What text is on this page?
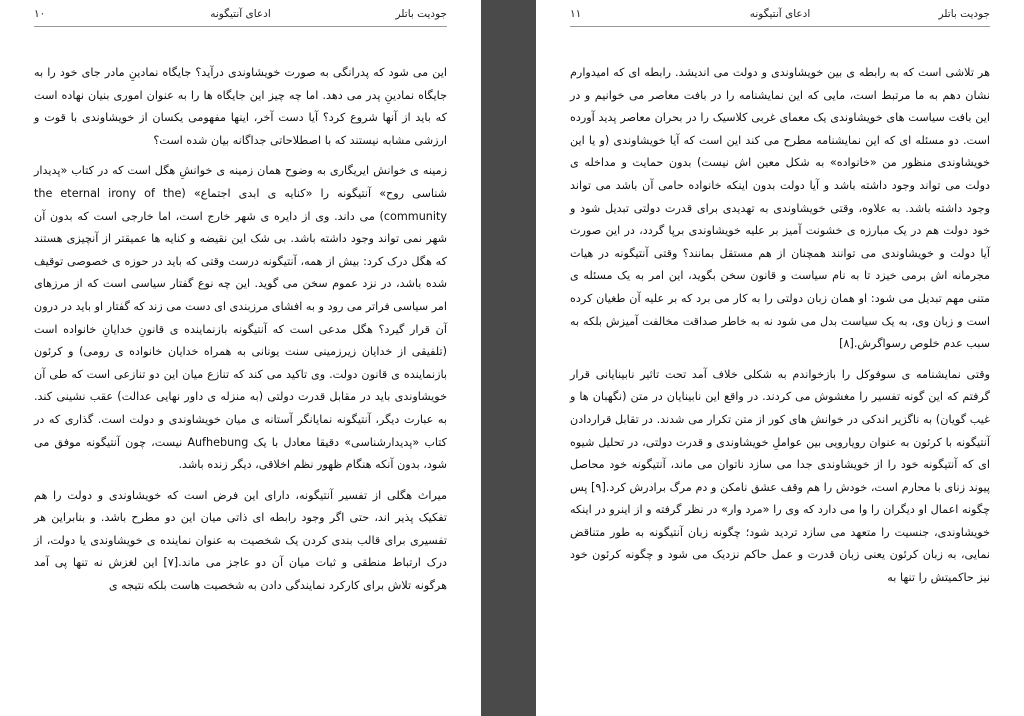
۱۰	ادعای آنتیگونه	جودیت باتلر

این می شود که پدرانگی به صورت خویشاوندی درآید؟ جایگاه نمادینِ مادر جای خود را به جایگاه نمادینِ پدر می دهد. اما چه چیز این جایگاه ها را به عنوان اموری بنیان نهاده است که باید از آنها شروع کرد؟ آیا دست آخر، اینها مفهومی یکسان از خویشاوندی با قوت و ارزشی مشابه نیستند که با اصطلاحاتی جداگانه بیان شده است؟

زمینه ی خوانش ایریگاری به وضوح همان زمینه ی خوانشِ هگل است که در کتاب «پدیدار شناسی روح» آنتیگونه را «کنایه ی ابدی اجتماع» (the eternal irony of the community) می داند. وی از دایره ی شهر خارج است، اما خارجی است که بدون آن شهر نمی تواند وجود داشته باشد. بی شک این نقیضه و کنایه ها عمیقتر از آنچیزی هستند که هگل درک کرد: بیش از همه، آنتیگونه درست وقتی که باید در حوزه ی خصوصی توقیف شده باشد، در نزد عموم سخن می گوید. این چه نوع گفتار سیاسی است که از مرزهای امر سیاسی فراتر می رود و به افشای مرزبندی ای دست می زند که گفتار او باید در درون آن قرار گیرد؟ هگل مدعی است که آنتیگونه بازنماینده ی قانونِ خدایانِ خانواده است (تلفیقی از خدایان زیرزمینی سنت یونانی به همراه خدایان خانواده ی رومی) و کرئون بازنماینده ی قانون دولت. وی تاکید می کند که تنازع میان این دو تنازعی است که طی آن خویشاوندی باید در مقابل قدرت دولتی (به منزله ی داور نهایی عدالت) عقب نشینی کند. به عبارت دیگر، آنتیگونه نمایانگر آستانه ی میان خویشاوندی و دولت است. گذاری که در کتاب «پدیدارشناسی» دقیقا معادل با یک Aufhebung نیست، چون آنتیگونه موفق می شود، بدون آنکه هنگام ظهور نظم اخلاقی، دیگر زنده باشد.

میراث هگلی از تفسیر آنتیگونه، دارای این فرض است که خویشاوندی و دولت را هم تفکیک پذیر اند، حتی اگر وجود رابطه ای ذاتی میان این دو مطرح باشد. و بنابراین هر تفسیری برای قالب بندی کردن یک شخصیت به عنوان نماینده ی خویشاوندی یا دولت، از درک ارتباط منطقی و ثبات میان آن دو عاجز می ماند.[۷] این لغزش نه تنها پی آمد هرگونه تلاش برای کارکرد نمایندگی دادن به شخصیت هاست بلکه نتیجه ی

۱۱	ادعای آنتیگونه	جودیت باتلر

هر تلاشی است که به رابطه ی بین خویشاوندی و دولت می اندیشد. رابطه ای که امیدوارم نشان دهم به ما مرتبط است، مایی که این نمایشنامه را در بافت معاصر می خوانیم و در این بافت سیاست های خویشاوندی یک معمای غربی کلاسیک را در بحران معاصر پدید آورده است. دو مسئله ای که این نمایشنامه مطرح می کند این است که آیا خویشاوندی (و یا این خویشاوندی منظور من «خانواده» به شکل معین اش نیست) بدون حمایت و مداخله ی دولت می تواند وجود داشته باشد و آیا دولت بدون اینکه خانواده حامی آن باشد می تواند وجود داشته باشد. به علاوه، وقتی خویشاوندی به تهدیدی برای قدرت دولتی تبدیل شود و خود دولت هم در یک مبارزه ی خشونت آمیز بر علیه خویشاوندی برپا گردد، در این صورت آیا دولت و خویشاوندی می توانند همچنان از هم مستقل بمانند؟ وقتی آنتیگونه در هیات مجرمانه اش برمی خیزد تا به نام سیاست و قانون سخن بگوید، این امر به یک مسئله ی متنی مهم تبدیل می شود: او همان زبان دولتی را به کار می برد که بر علیه آن طغیان کرده است و زبان وی، به یک سیاست بدل می شود نه به خاطر صداقت مخالفت آمیزش بلکه به سبب عدم خلوص رسواگرش.[۸]

وقتی نمایشنامه ی سوفوکل را بازخواندم به شکلی خلاف آمد تحت تاثیر نابینایانی قرار گرفتم که این گونه تفسیر را مغشوش می کردند. در واقع این نابینایان در متن (نگهبان ها و غیب گویان) به ناگزیر اندکی در خوانش های کور از متن تکرار می شدند. در تقابل قراردادن آنتیگونه با کرئون به عنوان رویارویی بین عواملِ خویشاوندی و قدرت دولتی، در تحلیل شیوه ای که آنتیگونه خود را از خویشاوندی جدا می سازد ناتوان می ماند، آنتیگونه خود محاصل پیوند زنای با محارم است، خودش را هم وقف عشق نامکن و دم مرگ برادرش کرد.[۹] پس چگونه اعمال او دیگران را وا می دارد که وی را «مرد وار» در نظر گرفته و از اینرو در اینکه خویشاوندی، جنسیت را متعهد می سازد تردید شود؛ چگونه زبان آنتیگونه به طور متناقض نمایی، به زبان کرئون یعنی زبان قدرت و عمل حاکم نزدیک می شود و چگونه کرئون خود نیز حاکمیتش را تنها به
